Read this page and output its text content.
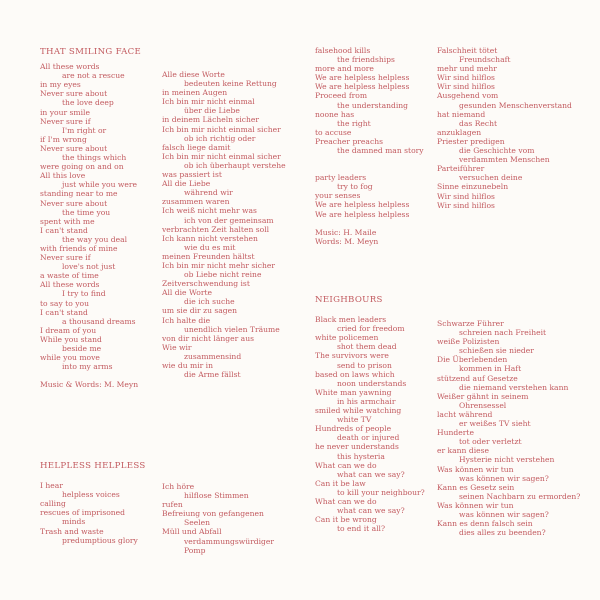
THAT SMILING FACE
All these words
are not a rescue
in my eyes
Never sure about
the love deep
in your smile
Never sure if
I'm right or
if I'm wrong
Never sure about
the things which
were going on and on
All this love
just while you were
standing near to me
Never sure about
the time you
spent with me
I can't stand
the way you deal
with friends of mine
Never sure if
love's not just
a waste of time
All these words
I try to find
to say to you
I can't stand
a thousand dreams
I dream of you
While you stand
beside me
while you move
into my arms
Music & Words: M. Meyn
Alle diese Worte
bedeuten keine Rettung
in meinen Augen
Ich bin mir nicht einmal
über die Liebe
in deinem Lächeln sicher
Ich bin mir nicht einmal sicher
ob ich richtig oder
falsch liege damit
Ich bin mir nicht einmal sicher
ob ich überhaupt verstehe
was passiert ist
All die Liebe
während wir
zusammen waren
Ich weiß nicht mehr was
ich von der gemeinsam
verbrachten Zeit halten soll
Ich kann nicht verstehen
wie du es mit
meinen Freunden hältst
Ich bin mir nicht mehr sicher
ob Liebe nicht reine
Zeitverschwendung ist
All die Worte
die ich suche
um sie dir zu sagen
Ich halte die
unendlich vielen Träume
von dir nicht länger aus
Wie wir
zusammensind
wie du mir in
die Arme fällst
HELPLESS HELPLESS
I hear
helpless voices
calling
rescues of imprisoned
minds
Trash and waste
predumptious glory
Ich höre
hilflose Stimmen
rufen
Befreiung von gefangenen
Seelen
Müll und Abfall
verdammungswürdiger
Pomp
falsehood kills
the friendships
more and more
We are helpless helpless
We are helpless helpless
Proceed from
the understanding
noone has
the right
to accuse
Preacher preachs
the damned man story
party leaders
try to fog
your senses
We are helpless helpless
We are helpless helpless
Music: H. Maile
Words: M. Meyn
Falschheit tötet
Freundschaft
mehr und mehr
Wir sind hilflos
Wir sind hilflos
Ausgehend vom
gesunden Menschenverstand
hat niemand
das Recht
anzuklagen
Priester predigen
die Geschichte vom
verdammten Menschen
Parteiführer
versuchen deine
Sinne einzunebeln
Wir sind hilflos
Wir sind hilflos
NEIGHBOURS
Black men leaders
cried for freedom
white policemen
shot them dead
The survivors were
send to prison
based on laws which
noon understands
White man yawning
in his armchair
smiled while watching
white TV
Hundreds of people
death or injured
he never understands
this hysteria
What can we do
what can we say?
Can it be law
to kill your neighbour?
What can we do
what can we say?
Can it be wrong
to end it all?
Schwarze Führer
schreien nach Freiheit
weiße Polizisten
schießen sie nieder
Die Überlebenden
kommen in Haft
stützend auf Gesetze
die niemand verstehen kann
Weißer gähnt in seinem
Ohrensessel
lacht während
er weißes TV sieht
Hunderte
tot oder verletzt
er kann diese
Hysterie nicht verstehen
Was können wir tun
was können wir sagen?
Kann es Gesetz sein
seinen Nachbarn zu ermorden?
Was können wir tun
was können wir sagen?
Kann es denn falsch sein
dies alles zu beenden?
